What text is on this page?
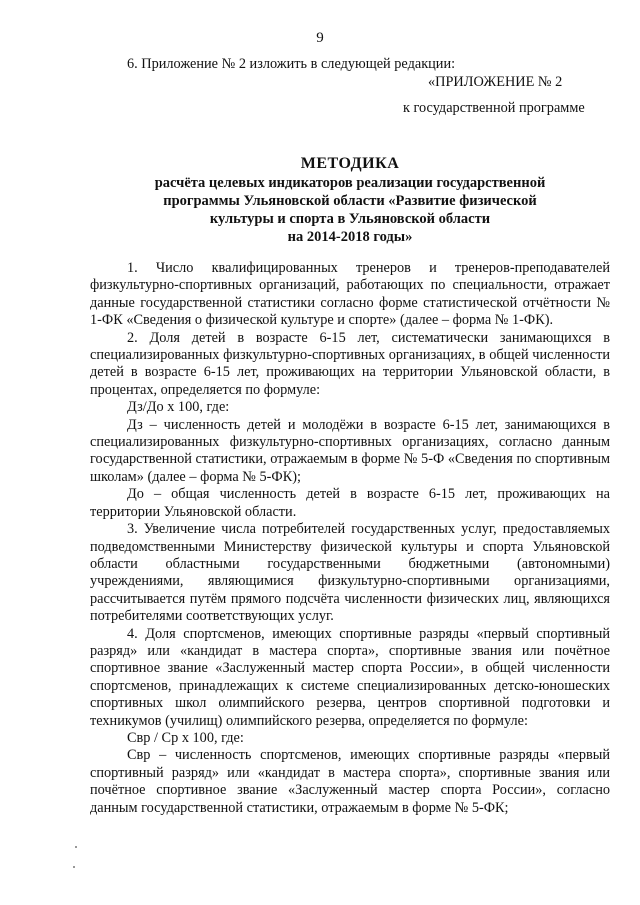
9
6. Приложение № 2 изложить в следующей редакции:
«ПРИЛОЖЕНИЕ № 2
к государственной программе
МЕТОДИКА
расчёта целевых индикаторов реализации государственной
программы Ульяновской области «Развитие физической
культуры и спорта в Ульяновской области
на 2014-2018 годы»

1. Число квалифицированных тренеров и тренеров-преподавателей физкультурно-спортивных организаций, работающих по специальности, отражает данные государственной статистики согласно форме статистической отчётности № 1-ФК «Сведения о физической культуре и спорте» (далее – форма № 1-ФК).

2. Доля детей в возрасте 6-15 лет, систематически занимающихся в специализированных физкультурно-спортивных организациях, в общей численности детей в возрасте 6-15 лет, проживающих на территории Ульяновской области, в процентах, определяется по формуле:

Дз/До х 100, где:

Дз – численность детей и молодёжи в возрасте 6-15 лет, занимающихся в специализированных физкультурно-спортивных организациях, согласно данным государственной статистики, отражаемым в форме № 5-Ф «Сведения по спортивным школам» (далее – форма № 5-ФК);

До – общая численность детей в возрасте 6-15 лет, проживающих на территории Ульяновской области.

3. Увеличение числа потребителей государственных услуг, предоставляемых подведомственными Министерству физической культуры и спорта Ульяновской области областными государственными бюджетными (автономными) учреждениями, являющимися физкультурно-спортивными организациями, рассчитывается путём прямого подсчёта численности физических лиц, являющихся потребителями соответствующих услуг.

4. Доля спортсменов, имеющих спортивные разряды «первый спортивный разряд» или «кандидат в мастера спорта», спортивные звания или почётное спортивное звание «Заслуженный мастер спорта России», в общей численности спортсменов, принадлежащих к системе специализированных детско-юношеских спортивных школ олимпийского резерва, центров спортивной подготовки и техникумов (училищ) олимпийского резерва, определяется по формуле:

Свр / Ср х 100, где:

Свр – численность спортсменов, имеющих спортивные разряды «первый спортивный разряд» или «кандидат в мастера спорта», спортивные звания или почётное спортивное звание «Заслуженный мастер спорта России», согласно данным государственной статистики, отражаемым в форме № 5-ФК;
